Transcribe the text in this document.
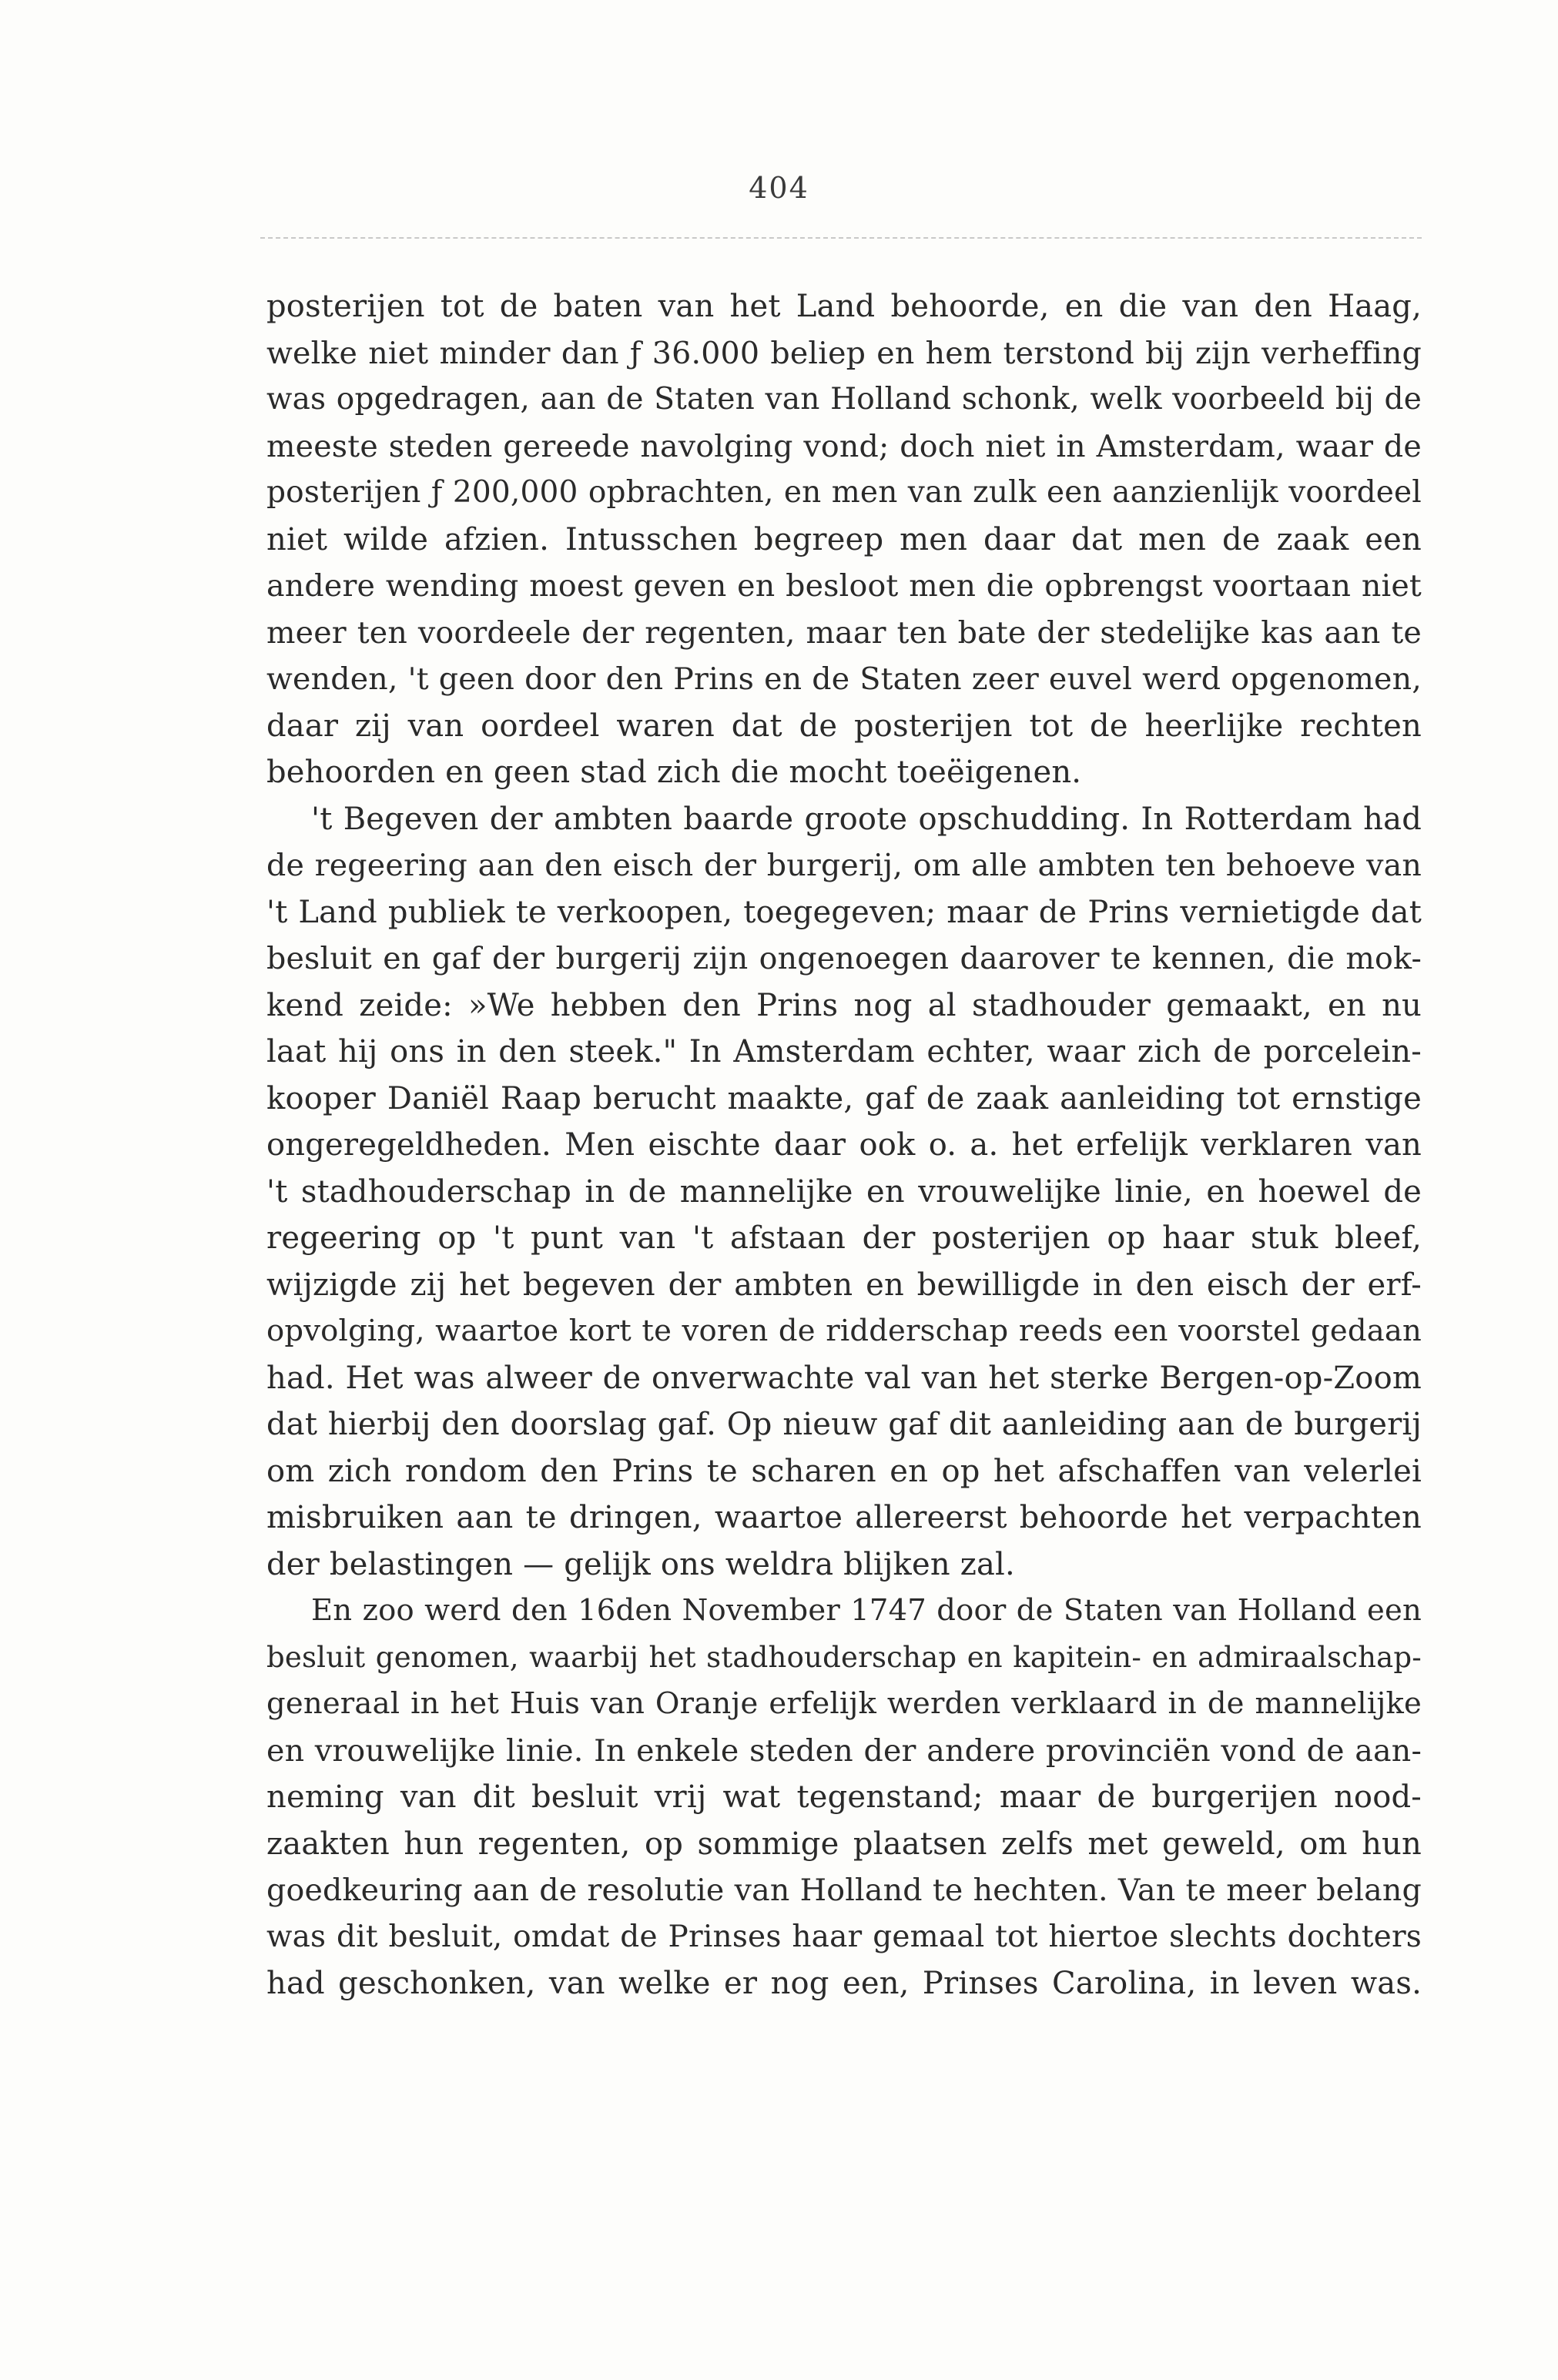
404
posterijen tot de baten van het Land behoorde, en die van den Haag,
welke niet minder dan ƒ 36.000 beliep en hem terstond bij zijn verheffing
was opgedragen, aan de Staten van Holland schonk, welk voorbeeld bij de
meeste steden gereede navolging vond; doch niet in Amsterdam, waar de
posterijen ƒ 200,000 opbrachten, en men van zulk een aanzienlijk voordeel
niet wilde afzien. Intusschen begreep men daar dat men de zaak een
andere wending moest geven en besloot men die opbrengst voortaan niet
meer ten voordeele der regenten, maar ten bate der stedelijke kas aan te
wenden, 't geen door den Prins en de Staten zeer euvel werd opgenomen,
daar zij van oordeel waren dat de posterijen tot de heerlijke rechten
behoorden en geen stad zich die mocht toeëigenen.
't Begeven der ambten baarde groote opschudding. In Rotterdam had
de regeering aan den eisch der burgerij, om alle ambten ten behoeve van
't Land publiek te verkoopen, toegegeven; maar de Prins vernietigde dat
besluit en gaf der burgerij zijn ongenoegen daarover te kennen, die mok-
kend zeide: »We hebben den Prins nog al stadhouder gemaakt, en nu
laat hij ons in den steek." In Amsterdam echter, waar zich de porcelein-
kooper Daniël Raap berucht maakte, gaf de zaak aanleiding tot ernstige
ongeregeldheden. Men eischte daar ook o. a. het erfelijk verklaren van
't stadhouderschap in de mannelijke en vrouwelijke linie, en hoewel de
regeering op 't punt van 't afstaan der posterijen op haar stuk bleef,
wijzigde zij het begeven der ambten en bewilligde in den eisch der erf-
opvolging, waartoe kort te voren de ridderschap reeds een voorstel gedaan
had. Het was alweer de onverwachte val van het sterke Bergen-op-Zoom
dat hierbij den doorslag gaf. Op nieuw gaf dit aanleiding aan de burgerij
om zich rondom den Prins te scharen en op het afschaffen van velerlei
misbruiken aan te dringen, waartoe allereerst behoorde het verpachten
der belastingen — gelijk ons weldra blijken zal.
En zoo werd den 16den November 1747 door de Staten van Holland een
besluit genomen, waarbij het stadhouderschap en kapitein- en admiraalschap-
generaal in het Huis van Oranje erfelijk werden verklaard in de mannelijke
en vrouwelijke linie. In enkele steden der andere provinciën vond de aan-
neming van dit besluit vrij wat tegenstand; maar de burgerijen nood-
zaakten hun regenten, op sommige plaatsen zelfs met geweld, om hun
goedkeuring aan de resolutie van Holland te hechten. Van te meer belang
was dit besluit, omdat de Prinses haar gemaal tot hiertoe slechts dochters
had geschonken, van welke er nog een, Prinses Carolina, in leven was.
